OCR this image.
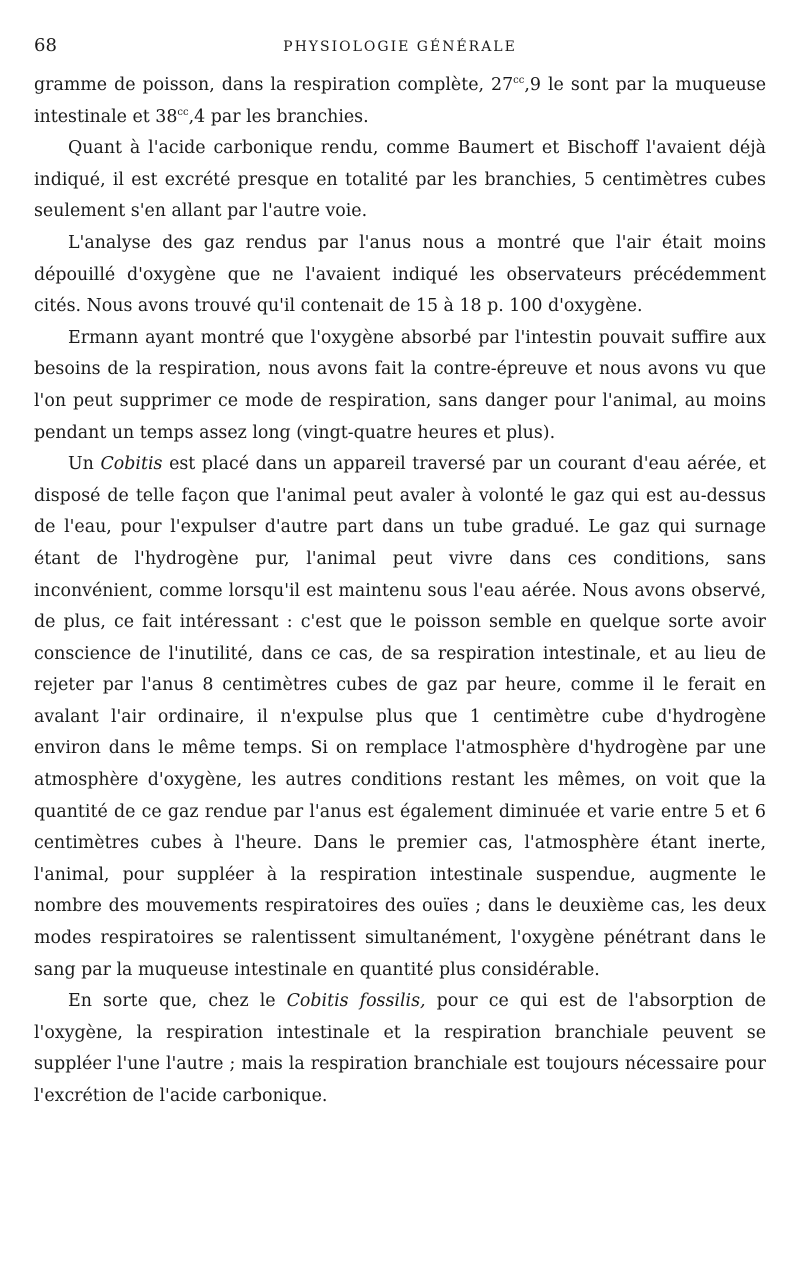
68	PHYSIOLOGIE GÉNÉRALE

gramme de poisson, dans la respiration complète, $27^{cc},9$ le sont par la muqueuse intestinale et $38^{cc},4$ par les branchies.

Quant à l'acide carbonique rendu, comme Baumert et Bischoff l'avaient déjà indiqué, il est excrété presque en totalité par les branchies, 5 centimètres cubes seulement s'en allant par l'autre voie.

L'analyse des gaz rendus par l'anus nous a montré que l'air était moins dépouillé d'oxygène que ne l'avaient indiqué les observateurs précédemment cités. Nous avons trouvé qu'il contenait de 15 à 18 p. 100 d'oxygène.

Ermann ayant montré que l'oxygène absorbé par l'intestin pouvait suffire aux besoins de la respiration, nous avons fait la contre-épreuve et nous avons vu que l'on peut supprimer ce mode de respiration, sans danger pour l'animal, au moins pendant un temps assez long (vingt-quatre heures et plus).

Un Cobitis est placé dans un appareil traversé par un courant d'eau aérée, et disposé de telle façon que l'animal peut avaler à volonté le gaz qui est au-dessus de l'eau, pour l'expulser d'autre part dans un tube gradué. Le gaz qui surnage étant de l'hydrogène pur, l'animal peut vivre dans ces conditions, sans inconvénient, comme lorsqu'il est maintenu sous l'eau aérée. Nous avons observé, de plus, ce fait intéressant : c'est que le poisson semble en quelque sorte avoir conscience de l'inutilité, dans ce cas, de sa respiration intestinale, et au lieu de rejeter par l'anus 8 centimètres cubes de gaz par heure, comme il le ferait en avalant l'air ordinaire, il n'expulse plus que 1 centimètre cube d'hydrogène environ dans le même temps. Si on remplace l'atmosphère d'hydrogène par une atmosphère d'oxygène, les autres conditions restant les mêmes, on voit que la quantité de ce gaz rendue par l'anus est également diminuée et varie entre 5 et 6 centimètres cubes à l'heure. Dans le premier cas, l'atmosphère étant inerte, l'animal, pour suppléer à la respiration intestinale suspendue, augmente le nombre des mouvements respiratoires des ouïes ; dans le deuxième cas, les deux modes respiratoires se ralentissent simultanément, l'oxygène pénétrant dans le sang par la muqueuse intestinale en quantité plus considérable.

En sorte que, chez le Cobitis fossilis, pour ce qui est de l'absorption de l'oxygène, la respiration intestinale et la respiration branchiale peuvent se suppléer l'une l'autre ; mais la respiration branchiale est toujours nécessaire pour l'excrétion de l'acide carbonique.
